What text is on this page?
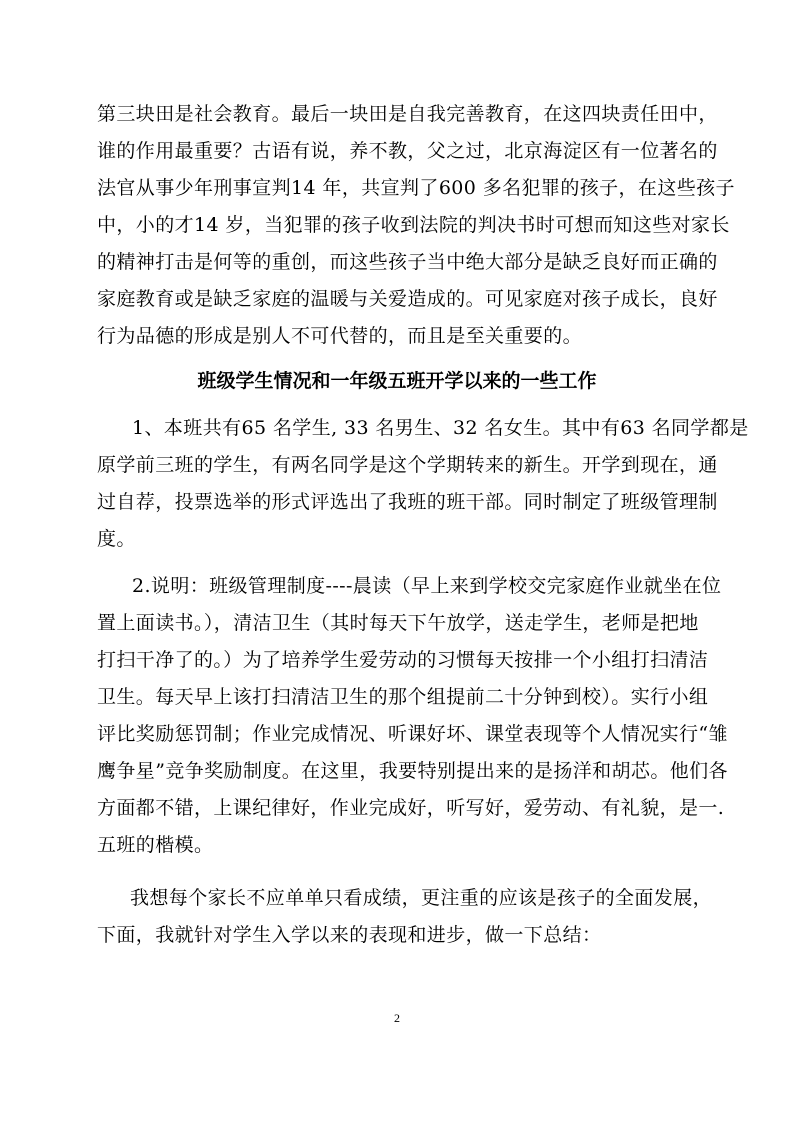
第三块田是社会教育。最后一块田是自我完善教育，在这四块责任田中，
谁的作用最重要？古语有说，养不教，父之过，北京海淀区有一位著名的
法官从事少年刑事宣判14 年，共宣判了600 多名犯罪的孩子，在这些孩子
中，小的才14 岁，当犯罪的孩子收到法院的判决书时可想而知这些对家长
的精神打击是何等的重创，而这些孩子当中绝大部分是缺乏良好而正确的
家庭教育或是缺乏家庭的温暖与关爱造成的。可见家庭对孩子成长，良好
行为品德的形成是别人不可代替的，而且是至关重要的。
班级学生情况和一年级五班开学以来的一些工作
1、本班共有65 名学生, 33 名男生、32 名女生。其中有63 名同学都是
原学前三班的学生，有两名同学是这个学期转来的新生。开学到现在，通
过自荐，投票选举的形式评选出了我班的班干部。同时制定了班级管理制
度。
2.说明：班级管理制度----晨读（早上来到学校交完家庭作业就坐在位
置上面读书。），清洁卫生（其时每天下午放学，送走学生，老师是把地
打扫干净了的。）为了培养学生爱劳动的习惯每天按排一个小组打扫清洁
卫生。每天早上该打扫清洁卫生的那个组提前二十分钟到校）。实行小组
评比奖励惩罚制；作业完成情况、听课好坏、课堂表现等个人情况实行“雏
鹰争星”竞争奖励制度。在这里，我要特别提出来的是扬洋和胡芯。他们各
方面都不错，上课纪律好，作业完成好，听写好，爱劳动、有礼貌，是一.
五班的楷模。
我想每个家长不应单单只看成绩，更注重的应该是孩子的全面发展，
下面，我就针对学生入学以来的表现和进步，做一下总结：
2
